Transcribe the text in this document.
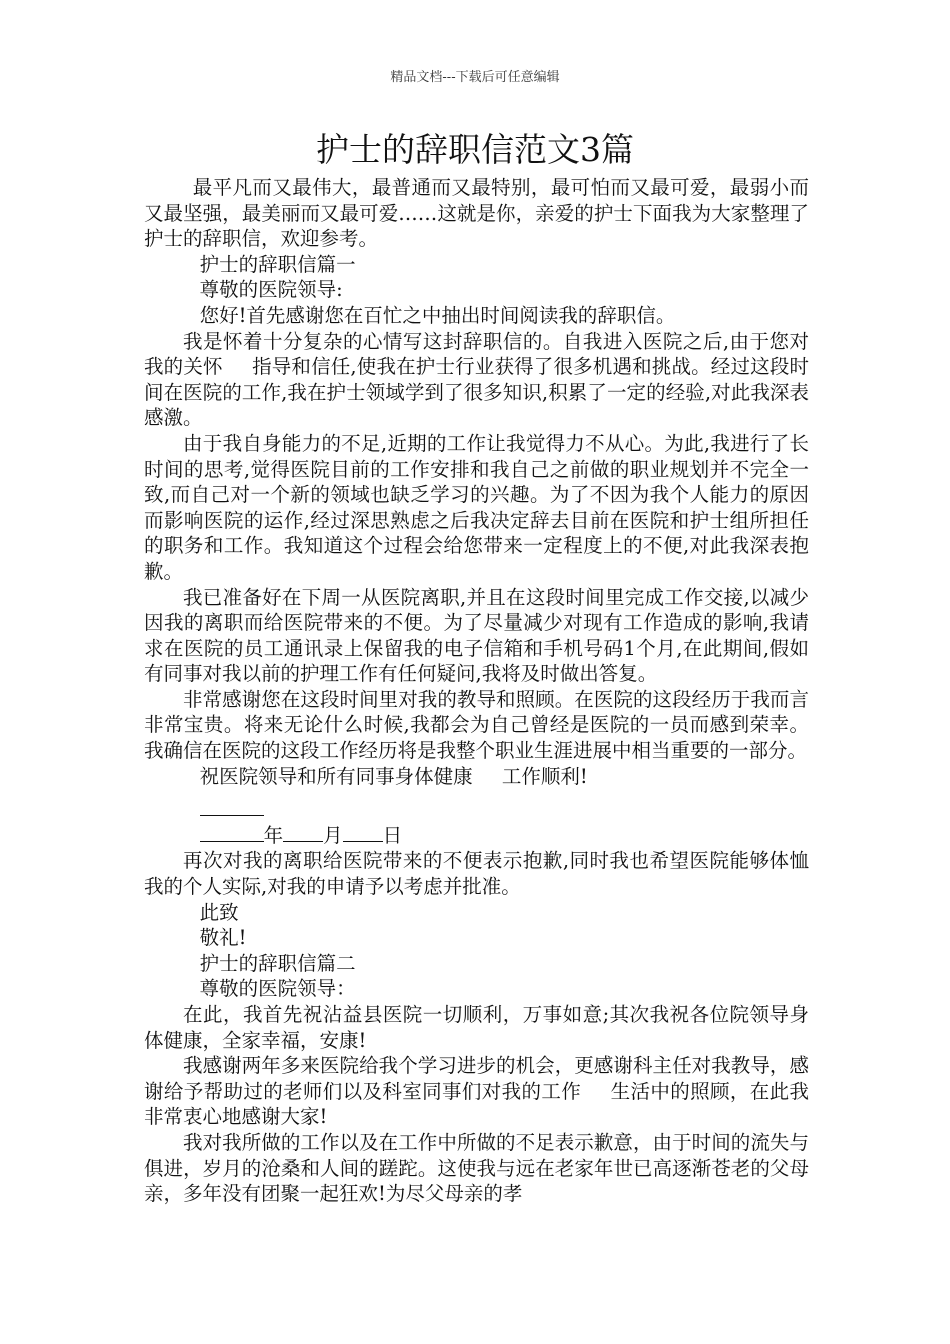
精品文档---下载后可任意编辑
护士的辞职信范文3篇

最平凡而又最伟大，最普通而又最特别，最可怕而又最可爱，最弱小而又最坚强，最美丽而又最可爱……这就是你，亲爱的护士下面我为大家整理了护士的辞职信，欢迎参考。

护士的辞职信篇一

尊敬的医院领导:

您好!首先感谢您在百忙之中抽出时间阅读我的辞职信。

我是怀着十分复杂的心情写这封辞职信的。自我进入医院之后,由于您对我的关怀 指导和信任,使我在护士行业获得了很多机遇和挑战。经过这段时间在医院的工作,我在护士领域学到了很多知识,积累了一定的经验,对此我深表感激。

由于我自身能力的不足,近期的工作让我觉得力不从心。为此,我进行了长时间的思考,觉得医院目前的工作安排和我自己之前做的职业规划并不完全一致,而自己对一个新的领域也缺乏学习的兴趣。为了不因为我个人能力的原因而影响医院的运作,经过深思熟虑之后我决定辞去目前在医院和护士组所担任的职务和工作。我知道这个过程会给您带来一定程度上的不便,对此我深表抱歉。

我已准备好在下周一从医院离职,并且在这段时间里完成工作交接,以减少因我的离职而给医院带来的不便。为了尽量减少对现有工作造成的影响,我请求在医院的员工通讯录上保留我的电子信箱和手机号码1个月,在此期间,假如有同事对我以前的护理工作有任何疑问,我将及时做出答复。

非常感谢您在这段时间里对我的教导和照顾。在医院的这段经历于我而言非常宝贵。将来无论什么时候,我都会为自己曾经是医院的一员而感到荣幸。我确信在医院的这段工作经历将是我整个职业生涯进展中相当重要的一部分。

祝医院领导和所有同事身体健康 工作顺利!

年 月 日

再次对我的离职给医院带来的不便表示抱歉,同时我也希望医院能够体恤我的个人实际,对我的申请予以考虑并批准。

此致

敬礼!

护士的辞职信篇二

尊敬的医院领导：

在此，我首先祝沾益县医院一切顺利，万事如意;其次我祝各位院领导身体健康，全家幸福，安康!

我感谢两年多来医院给我个学习进步的机会，更感谢科主任对我教导，感谢给予帮助过的老师们以及科室同事们对我的工作 生活中的照顾，在此我非常衷心地感谢大家!

我对我所做的工作以及在工作中所做的不足表示歉意，由于时间的流失与俱进，岁月的沧桑和人间的蹉跎。这使我与远在老家年世已高逐渐苍老的父母亲，多年没有团聚一起狂欢!为尽父母亲的孝
